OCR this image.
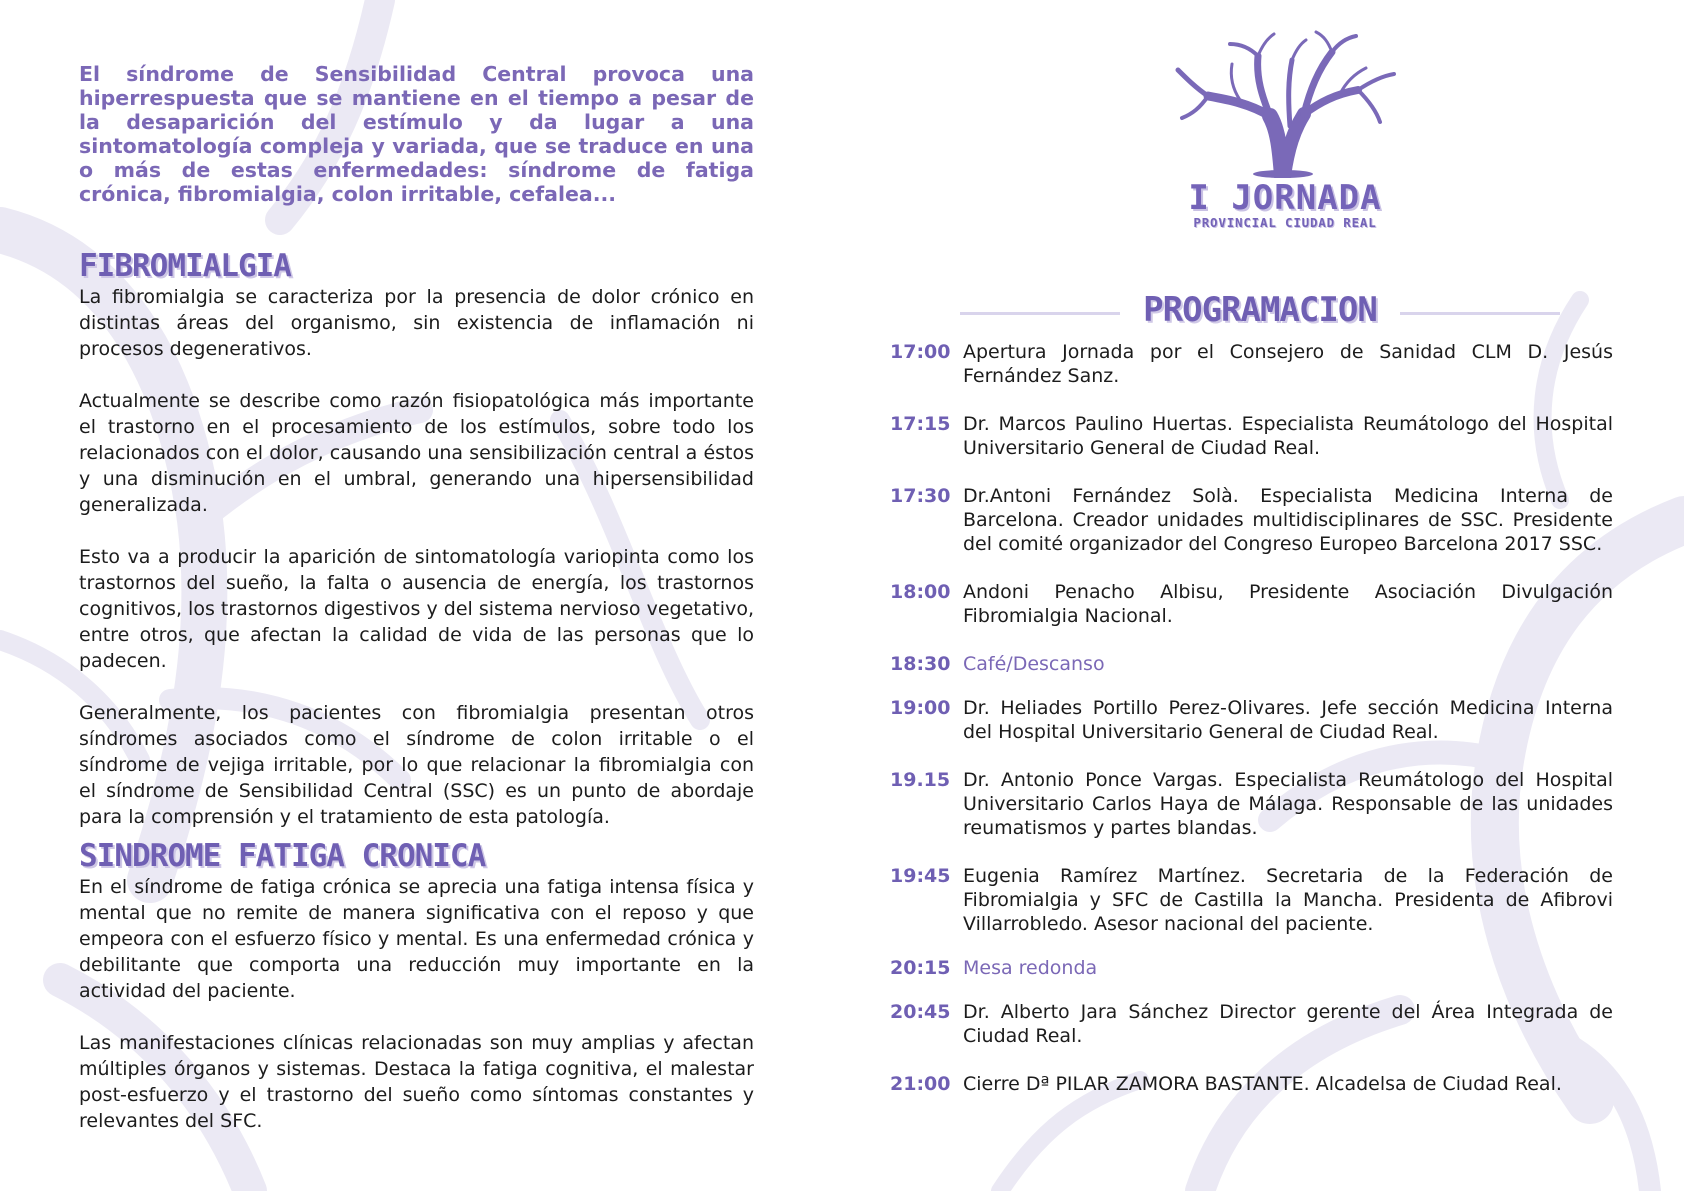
El síndrome de Sensibilidad Central provoca una hiperrespuesta que se mantiene en el tiempo a pesar de la desaparición del estímulo y da lugar a una sintomatología compleja y variada, que se traduce en una o más de estas enfermedades: síndrome de fatiga crónica, fibromialgia, colon irritable, cefalea...

FIBROMIALGIA

La fibromialgia se caracteriza por la presencia de dolor crónico en distintas áreas del organismo, sin existencia de inflamación ni procesos degenerativos.

Actualmente se describe como razón fisiopatológica más importante el trastorno en el procesamiento de los estímulos, sobre todo los relacionados con el dolor, causando una sensibilización central a éstos y una disminución en el umbral, generando una hipersensibilidad generalizada.

Esto va a producir la aparición de sintomatología variopinta como los trastornos del sueño, la falta o ausencia de energía, los trastornos cognitivos, los trastornos digestivos y del sistema nervioso vegetativo, entre otros, que afectan la calidad de vida de las personas que lo padecen.

Generalmente, los pacientes con fibromialgia presentan otros síndromes asociados como el síndrome de colon irritable o el síndrome de vejiga irritable, por lo que relacionar la fibromialgia con el síndrome de Sensibilidad Central (SSC) es un punto de abordaje para la comprensión y el tratamiento de esta patología.

SINDROME FATIGA CRONICA

En el síndrome de fatiga crónica se aprecia una fatiga intensa física y mental que no remite de manera significativa con el reposo y que empeora con el esfuerzo físico y mental. Es una enfermedad crónica y debilitante que comporta una reducción muy importante en la actividad del paciente.

Las manifestaciones clínicas relacionadas son muy amplias y afectan múltiples órganos y sistemas. Destaca la fatiga cognitiva, el malestar post-esfuerzo y el trastorno del sueño como síntomas constantes y relevantes del SFC.

I JORNADA
PROVINCIAL CIUDAD REAL
PROGRAMACION
17:00 Apertura Jornada por el Consejero de Sanidad CLM D. Jesús Fernández Sanz.
17:15 Dr. Marcos Paulino Huertas. Especialista Reumátologo del Hospital Universitario General de Ciudad Real.
17:30 Dr.Antoni Fernández Solà. Especialista Medicina Interna de Barcelona. Creador unidades multidisciplinares de SSC. Presidente del comité organizador del Congreso Europeo Barcelona 2017 SSC.
18:00 Andoni Penacho Albisu, Presidente Asociación Divulgación Fibromialgia Nacional.
18:30 Café/Descanso
19:00 Dr. Heliades Portillo Perez-Olivares. Jefe sección Medicina Interna del Hospital Universitario General de Ciudad Real.
19.15 Dr. Antonio Ponce Vargas. Especialista Reumátologo del Hospital Universitario Carlos Haya de Málaga. Responsable de las unidades reumatismos y partes blandas.
19:45 Eugenia Ramírez Martínez. Secretaria de la Federación de Fibromialgia y SFC de Castilla la Mancha. Presidenta de Afibrovi Villarrobledo. Asesor nacional del paciente.
20:15 Mesa redonda
20:45 Dr. Alberto Jara Sánchez Director gerente del Área Integrada de Ciudad Real.
21:00 Cierre Dª PILAR ZAMORA BASTANTE. Alcadelsa de Ciudad Real.
